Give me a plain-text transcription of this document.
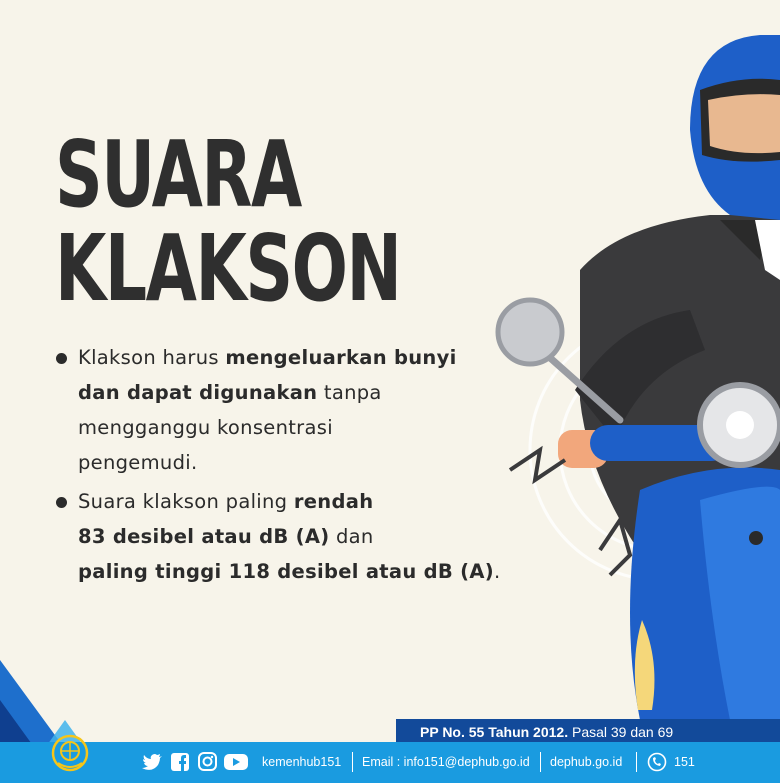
SUARA
KLAKSON
Klakson harus mengeluarkan bunyi
dan dapat digunakan tanpa
mengganggu konsentrasi
pengemudi.
Suara klakson paling rendah
83 desibel atau dB (A) dan
paling tinggi 118 desibel atau dB (A).
PP No. 55 Tahun 2012. Pasal 39 dan 69
kemenhub151 Email : info151@dephub.go.id dephub.go.id	151
